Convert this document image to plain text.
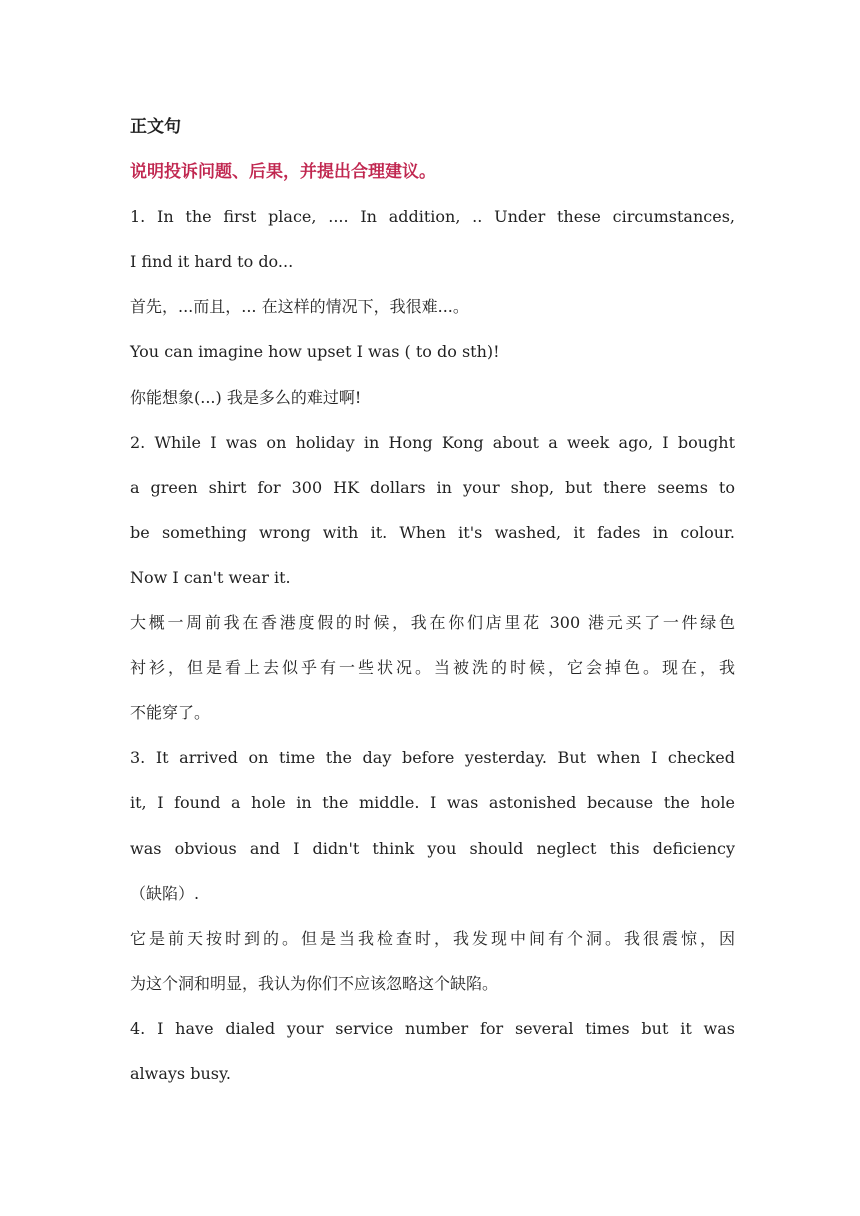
正文句
说明投诉问题、后果，并提出合理建议。
1. In the first place, .... In addition, .. Under these circumstances,
I find it hard to do...
首先，...而且，... 在这样的情况下，我很难...。
You can imagine how upset I was ( to do sth)!
你能想象(...) 我是多么的难过啊!
2. While I was on holiday in Hong Kong about a week ago, I bought
a green shirt for 300 HK dollars in your shop, but there seems to
be something wrong with it. When it's washed, it fades in colour.
Now I can't wear it.
大概一周前我在香港度假的时候，我在你们店里花 300 港元买了一件绿色
衬衫，但是看上去似乎有一些状况。当被洗的时候，它会掉色。现在，我
不能穿了。
3. It arrived on time the day before yesterday. But when I checked
it, I found a hole in the middle. I was astonished because the hole
was obvious and I didn't think you should neglect this deficiency
（缺陷）.
它是前天按时到的。但是当我检查时，我发现中间有个洞。我很震惊，因
为这个洞和明显，我认为你们不应该忽略这个缺陷。
4. I have dialed your service number for several times but it was
always busy.
